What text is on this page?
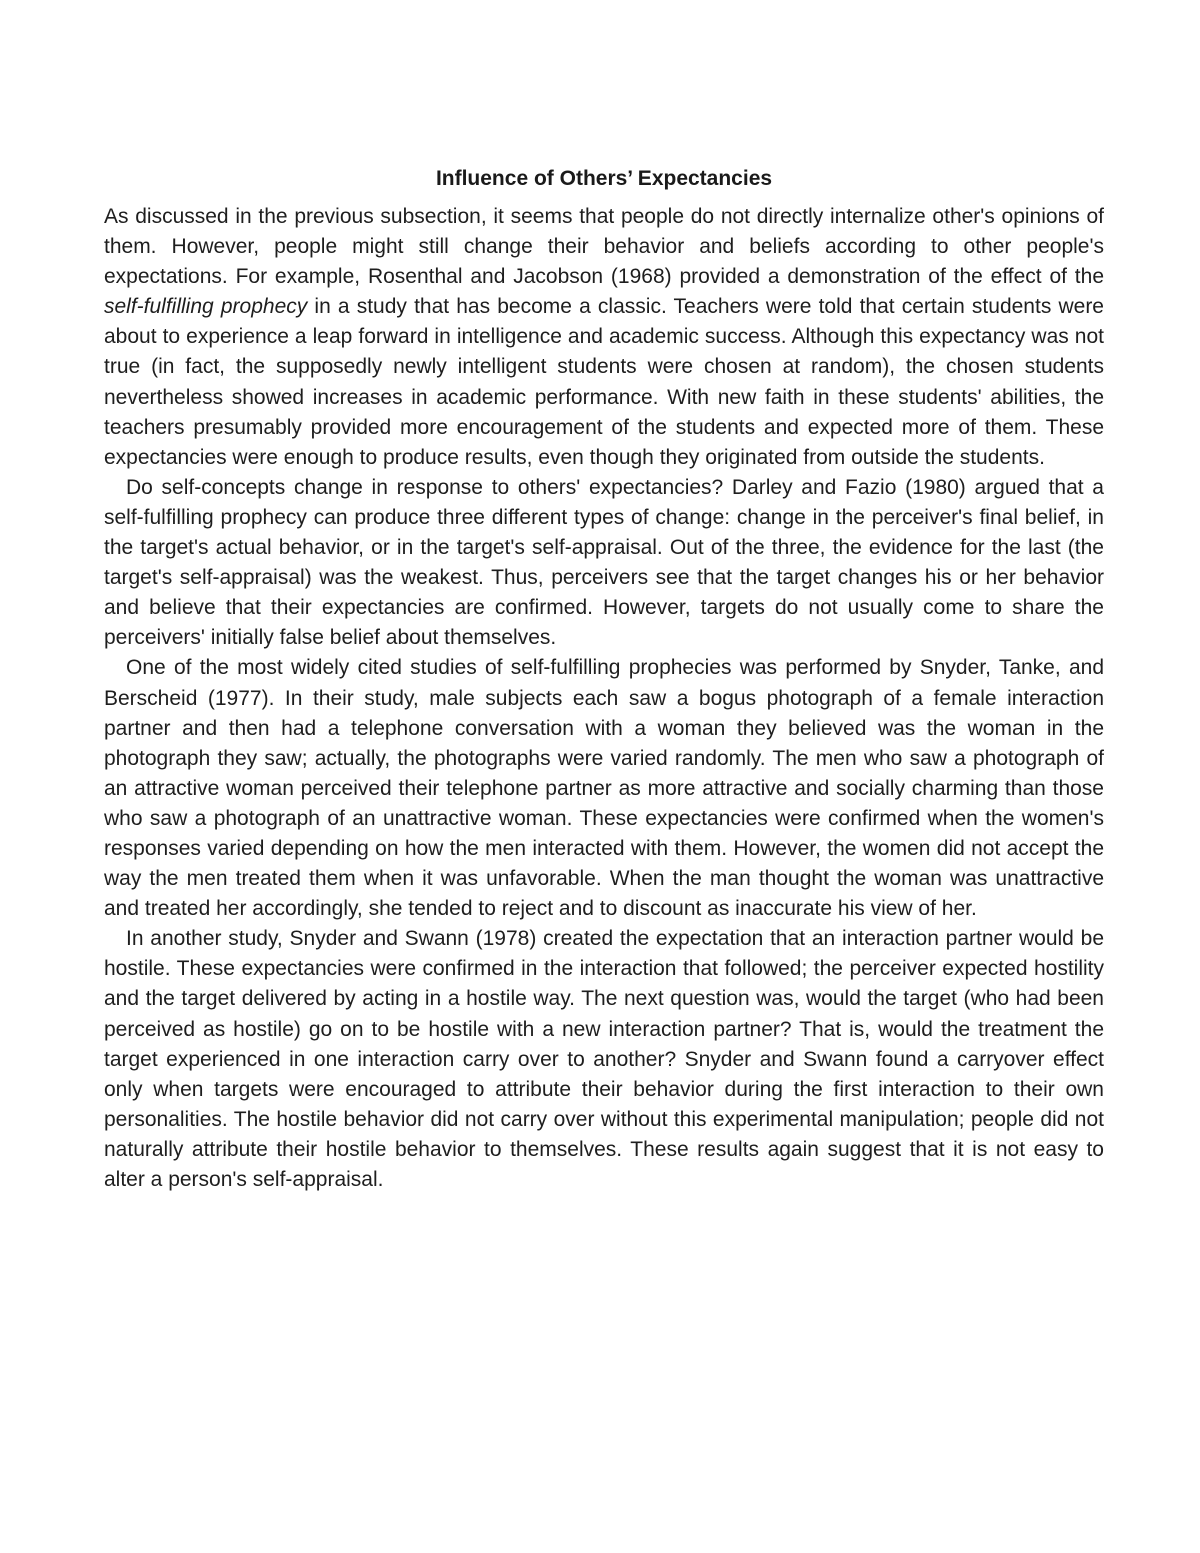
Influence of Others’ Expectancies

As discussed in the previous subsection, it seems that people do not directly internalize other's opinions of them. However, people might still change their behavior and beliefs according to other people's expectations. For example, Rosenthal and Jacobson (1968) provided a demonstration of the effect of the self-fulfilling prophecy in a study that has become a classic. Teachers were told that certain students were about to experience a leap forward in intelligence and academic success. Although this expectancy was not true (in fact, the supposedly newly intelligent students were chosen at random), the chosen students nevertheless showed increases in academic performance. With new faith in these students' abilities, the teachers presumably provided more encouragement of the students and expected more of them. These expectancies were enough to produce results, even though they originated from outside the students.

Do self-concepts change in response to others' expectancies? Darley and Fazio (1980) argued that a self-fulfilling prophecy can produce three different types of change: change in the perceiver's final belief, in the target's actual behavior, or in the target's self-appraisal. Out of the three, the evidence for the last (the target's self-appraisal) was the weakest. Thus, perceivers see that the target changes his or her behavior and believe that their expectancies are confirmed. However, targets do not usually come to share the perceivers' initially false belief about themselves.

One of the most widely cited studies of self-fulfilling prophecies was performed by Snyder, Tanke, and Berscheid (1977). In their study, male subjects each saw a bogus photograph of a female interaction partner and then had a telephone conversation with a woman they believed was the woman in the photograph they saw; actually, the photographs were varied randomly. The men who saw a photograph of an attractive woman perceived their telephone partner as more attractive and socially charming than those who saw a photograph of an unattractive woman. These expectancies were confirmed when the women's responses varied depending on how the men interacted with them. However, the women did not accept the way the men treated them when it was unfavorable. When the man thought the woman was unattractive and treated her accordingly, she tended to reject and to discount as inaccurate his view of her.

In another study, Snyder and Swann (1978) created the expectation that an interaction partner would be hostile. These expectancies were confirmed in the interaction that followed; the perceiver expected hostility and the target delivered by acting in a hostile way. The next question was, would the target (who had been perceived as hostile) go on to be hostile with a new interaction partner? That is, would the treatment the target experienced in one interaction carry over to another? Snyder and Swann found a carryover effect only when targets were encouraged to attribute their behavior during the first interaction to their own personalities. The hostile behavior did not carry over without this experimental manipulation; people did not naturally attribute their hostile behavior to themselves. These results again suggest that it is not easy to alter a person's self-appraisal.
